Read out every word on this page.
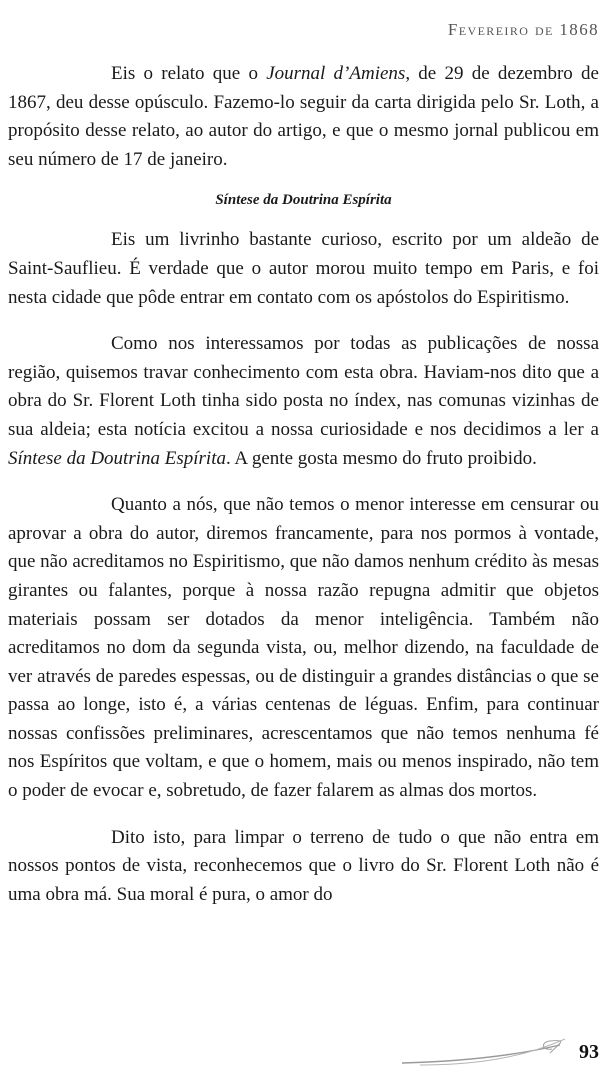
Fevereiro de 1868

Eis o relato que o Journal d’Amiens, de 29 de dezembro de 1867, deu desse opúsculo. Fazemo-lo seguir da carta dirigida pelo Sr. Loth, a propósito desse relato, ao autor do artigo, e que o mesmo jornal publicou em seu número de 17 de janeiro.

Síntese da Doutrina Espírita

Eis um livrinho bastante curioso, escrito por um aldeão de Saint-Sauflieu. É verdade que o autor morou muito tempo em Paris, e foi nesta cidade que pôde entrar em contato com os apóstolos do Espiritismo.

Como nos interessamos por todas as publicações de nossa região, quisemos travar conhecimento com esta obra. Haviam-nos dito que a obra do Sr. Florent Loth tinha sido posta no índex, nas comunas vizinhas de sua aldeia; esta notícia excitou a nossa curiosidade e nos decidimos a ler a Síntese da Doutrina Espírita. A gente gosta mesmo do fruto proibido.

Quanto a nós, que não temos o menor interesse em censurar ou aprovar a obra do autor, diremos francamente, para nos pormos à vontade, que não acreditamos no Espiritismo, que não damos nenhum crédito às mesas girantes ou falantes, porque à nossa razão repugna admitir que objetos materiais possam ser dotados da menor inteligência. Também não acreditamos no dom da segunda vista, ou, melhor dizendo, na faculdade de ver através de paredes espessas, ou de distinguir a grandes distâncias o que se passa ao longe, isto é, a várias centenas de léguas. Enfim, para continuar nossas confissões preliminares, acrescentamos que não temos nenhuma fé nos Espíritos que voltam, e que o homem, mais ou menos inspirado, não tem o poder de evocar e, sobretudo, de fazer falarem as almas dos mortos.

Dito isto, para limpar o terreno de tudo o que não entra em nossos pontos de vista, reconhecemos que o livro do Sr. Florent Loth não é uma obra má. Sua moral é pura, o amor do

93
